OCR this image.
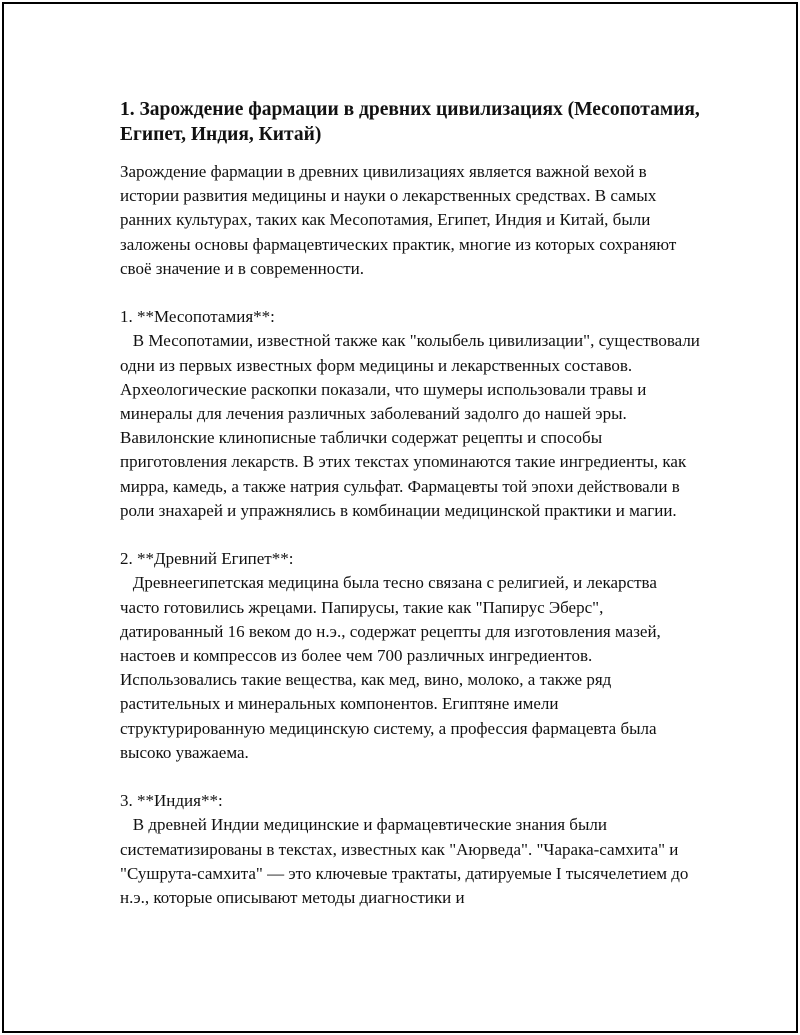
1. Зарождение фармации в древних цивилизациях (Месопотамия, Египет, Индия, Китай)

Зарождение фармации в древних цивилизациях является важной вехой в истории развития медицины и науки о лекарственных средствах. В самых ранних культурах, таких как Месопотамия, Египет, Индия и Китай, были заложены основы фармацевтических практик, многие из которых сохраняют своё значение и в современности.

1. **Месопотамия**:

В Месопотамии, известной также как "колыбель цивилизации", существовали одни из первых известных форм медицины и лекарственных составов. Археологические раскопки показали, что шумеры использовали травы и минералы для лечения различных заболеваний задолго до нашей эры. Вавилонские клинописные таблички содержат рецепты и способы приготовления лекарств. В этих текстах упоминаются такие ингредиенты, как мирра, камедь, а также натрия сульфат. Фармацевты той эпохи действовали в роли знахарей и упражнялись в комбинации медицинской практики и магии.

2. **Древний Египет**:

Древнеегипетская медицина была тесно связана с религией, и лекарства часто готовились жрецами. Папирусы, такие как "Папирус Эберс", датированный 16 веком до н.э., содержат рецепты для изготовления мазей, настоев и компрессов из более чем 700 различных ингредиентов. Использовались такие вещества, как мед, вино, молоко, а также ряд растительных и минеральных компонентов. Египтяне имели структурированную медицинскую систему, а профессия фармацевта была высоко уважаема.

3. **Индия**:

В древней Индии медицинские и фармацевтические знания были систематизированы в текстах, известных как "Аюрведа". "Чарака-самхита" и "Сушрута-самхита" — это ключевые трактаты, датируемые I тысячелетием до н.э., которые описывают методы диагностики и
